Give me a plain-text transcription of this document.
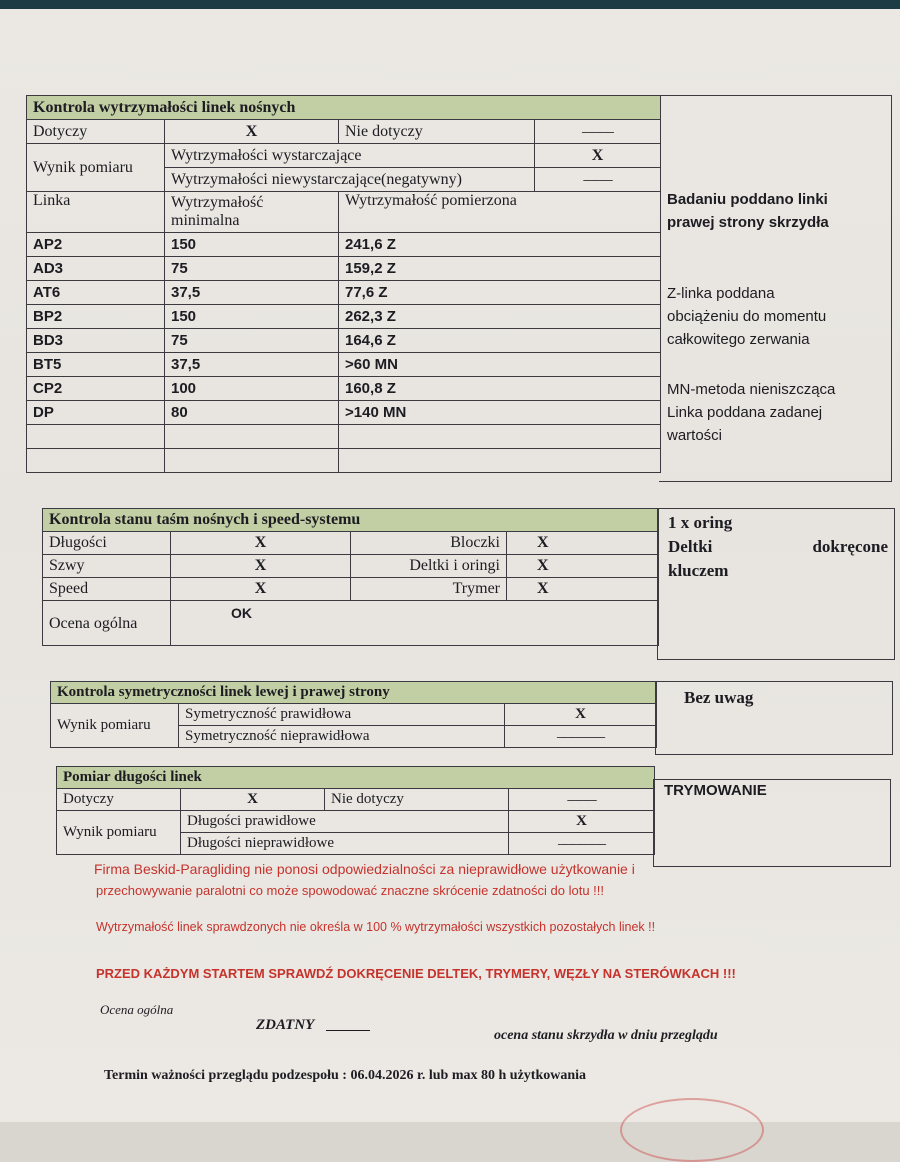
Kontrola wytrzymałości linek nośnych			
Dotyczy	X	Nie dotyczy	------------
Wynik pomiaru	Wytrzymałości wystarczające		X
	Wytrzymałości niewystarczające(negatywny)		-----------
Linka	Wytrzymałość minimalna	Wytrzymałość pomierzona	
AP2	150	241,6 Z	
AD3	75	159,2 Z	
AT6	37,5	77,6 Z	
BP2	150	262,3 Z	
BD3	75	164,6 Z	
BT5	37,5	>60 MN	
CP2	100	160,8 Z	
DP	80	>140 MN	

Badaniu poddano linki

prawej strony skrzydła

Z-linka poddana

obciążeniu do momentu

całkowitego zerwania

MN-metoda nieniszcząca

Linka poddana zadanej

wartości

Kontrola stanu taśm nośnych i speed-systemu			
Długości	X	Bloczki	X
Szwy	X	Deltki i oringi	X
Speed	X	Trymer	X
Ocena ogólna	OK		
1 x oring
Deltki	dokręcone
kluczem
Kontrola symetryczności linek lewej i prawej strony		
Wynik pomiaru	Symetryczność prawidłowa	X
	Symetryczność nieprawidłowa	------------------
Bez uwag
Pomiar długości linek			
Dotyczy	X	Nie dotyczy	-----------
Wynik pomiaru	Długości prawidłowe		X
	Długości nieprawidłowe		------------------
TRYMOWANIE
Firma Beskid-Paragliding nie ponosi odpowiedzialności za nieprawidłowe użytkowanie i
przechowywanie paralotni co może spowodować znaczne skrócenie zdatności do lotu !!!
Wytrzymałość linek sprawdzonych nie określa w 100 % wytrzymałości wszystkich pozostałych linek !!
PRZED KAŻDYM STARTEM SPRAWDŹ DOKRĘCENIE DELTEK, TRYMERY, WĘZŁY NA STERÓWKACH !!!
Ocena ogólna
ZDATNY
ocena stanu skrzydła w dniu przeglądu
Termin ważności przeglądu podzespołu : 06.04.2026 r. lub max 80 h użytkowania
